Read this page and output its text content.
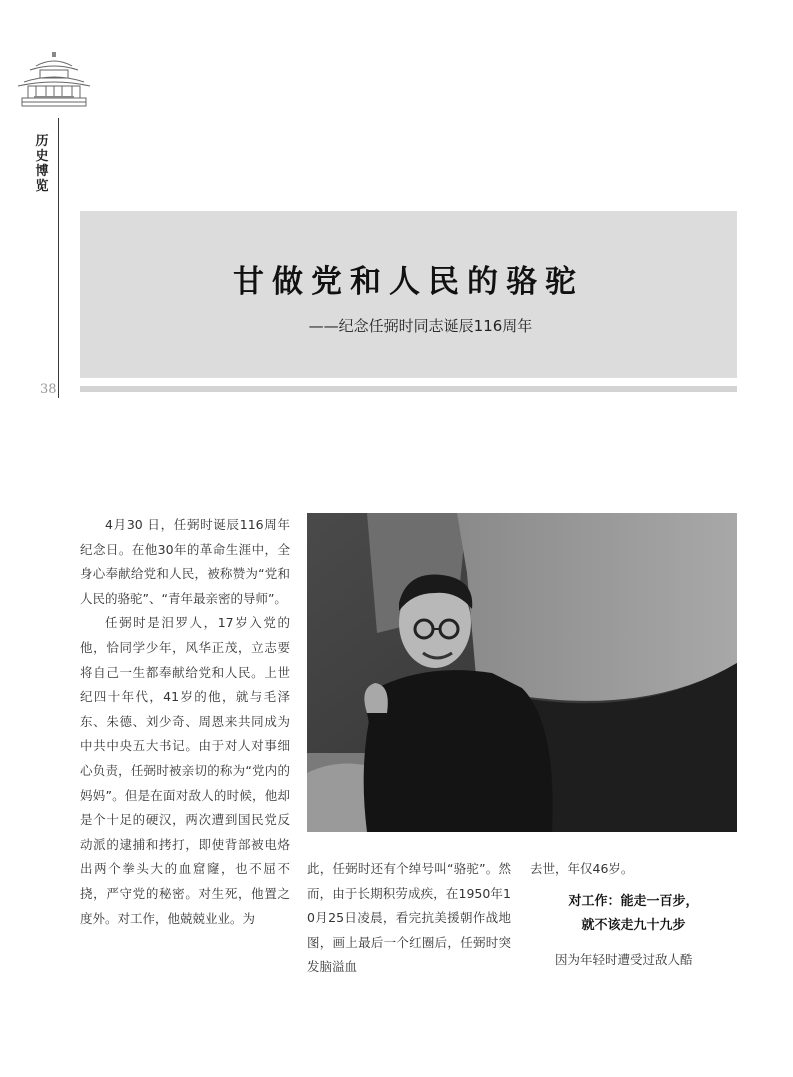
历史博览
38
甘做党和人民的骆驼
——纪念任弼时同志诞辰116周年

4月30 日，任弼时诞辰116周年纪念日。在他30年的革命生涯中，全身心奉献给党和人民，被称赞为“党和人民的骆驼”、“青年最亲密的导师”。

任弼时是汨罗人，17岁入党的他，恰同学少年，风华正茂，立志要将自己一生都奉献给党和人民。上世纪四十年代，41岁的他，就与毛泽东、朱德、刘少奇、周恩来共同成为中共中央五大书记。由于对人对事细心负责，任弼时被亲切的称为“党内的妈妈”。但是在面对敌人的时候，他却是个十足的硬汉，两次遭到国民党反动派的逮捕和拷打，即使背部被电烙出两个拳头大的血窟窿，也不屈不挠，严守党的秘密。对生死，他置之度外。对工作，他兢兢业业。为

此，任弼时还有个绰号叫“骆驼”。然而，由于长期积劳成疾，在1950年10月25日凌晨，看完抗美援朝作战地图，画上最后一个红圈后，任弼时突发脑溢血

去世，年仅46岁。

对工作：能走一百步，
就不该走九十九步

因为年轻时遭受过敌人酷
